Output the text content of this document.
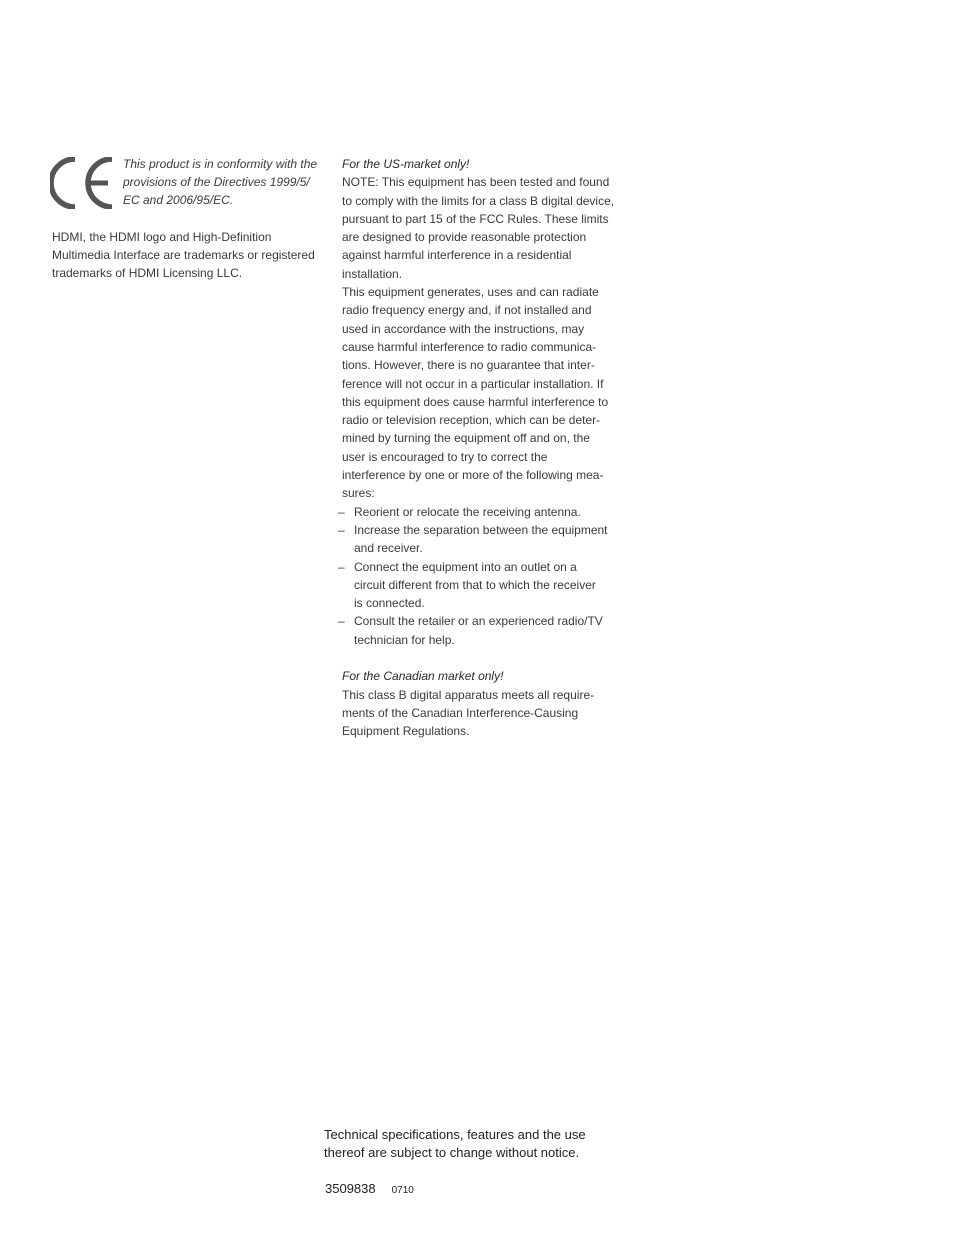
This product is in conformity with the
provisions of the Directives 1999/5/
EC and 2006/95/EC.
HDMI, the HDMI logo and High-Definition
Multimedia Interface are trademarks or registered
trademarks of HDMI Licensing LLC.
For the US-market only!
NOTE: This equipment has been tested and found
to comply with the limits for a class B digital device,
pursuant to part 15 of the FCC Rules. These limits
are designed to provide reasonable protection
against harmful interference in a residential
installation.
This equipment generates, uses and can radiate
radio frequency energy and, if not installed and
used in accordance with the instructions, may
cause harmful interference to radio communica-
tions. However, there is no guarantee that inter-
ference will not occur in a particular installation. If
this equipment does cause harmful interference to
radio or television reception, which can be deter-
mined by turning the equipment off and on, the
user is encouraged to try to correct the
interference by one or more of the following mea-
sures:
– Reorient or relocate the receiving antenna.
– Increase the separation between the equipment
and receiver.
– Connect the equipment into an outlet on a
circuit different from that to which the receiver
is connected.
– Consult the retailer or an experienced radio/TV
technician for help.
For the Canadian market only!
This class B digital apparatus meets all require-
ments of the Canadian Interference-Causing
Equipment Regulations.
Technical specifications, features and the use
thereof are subject to change without notice.
3509838 0710
